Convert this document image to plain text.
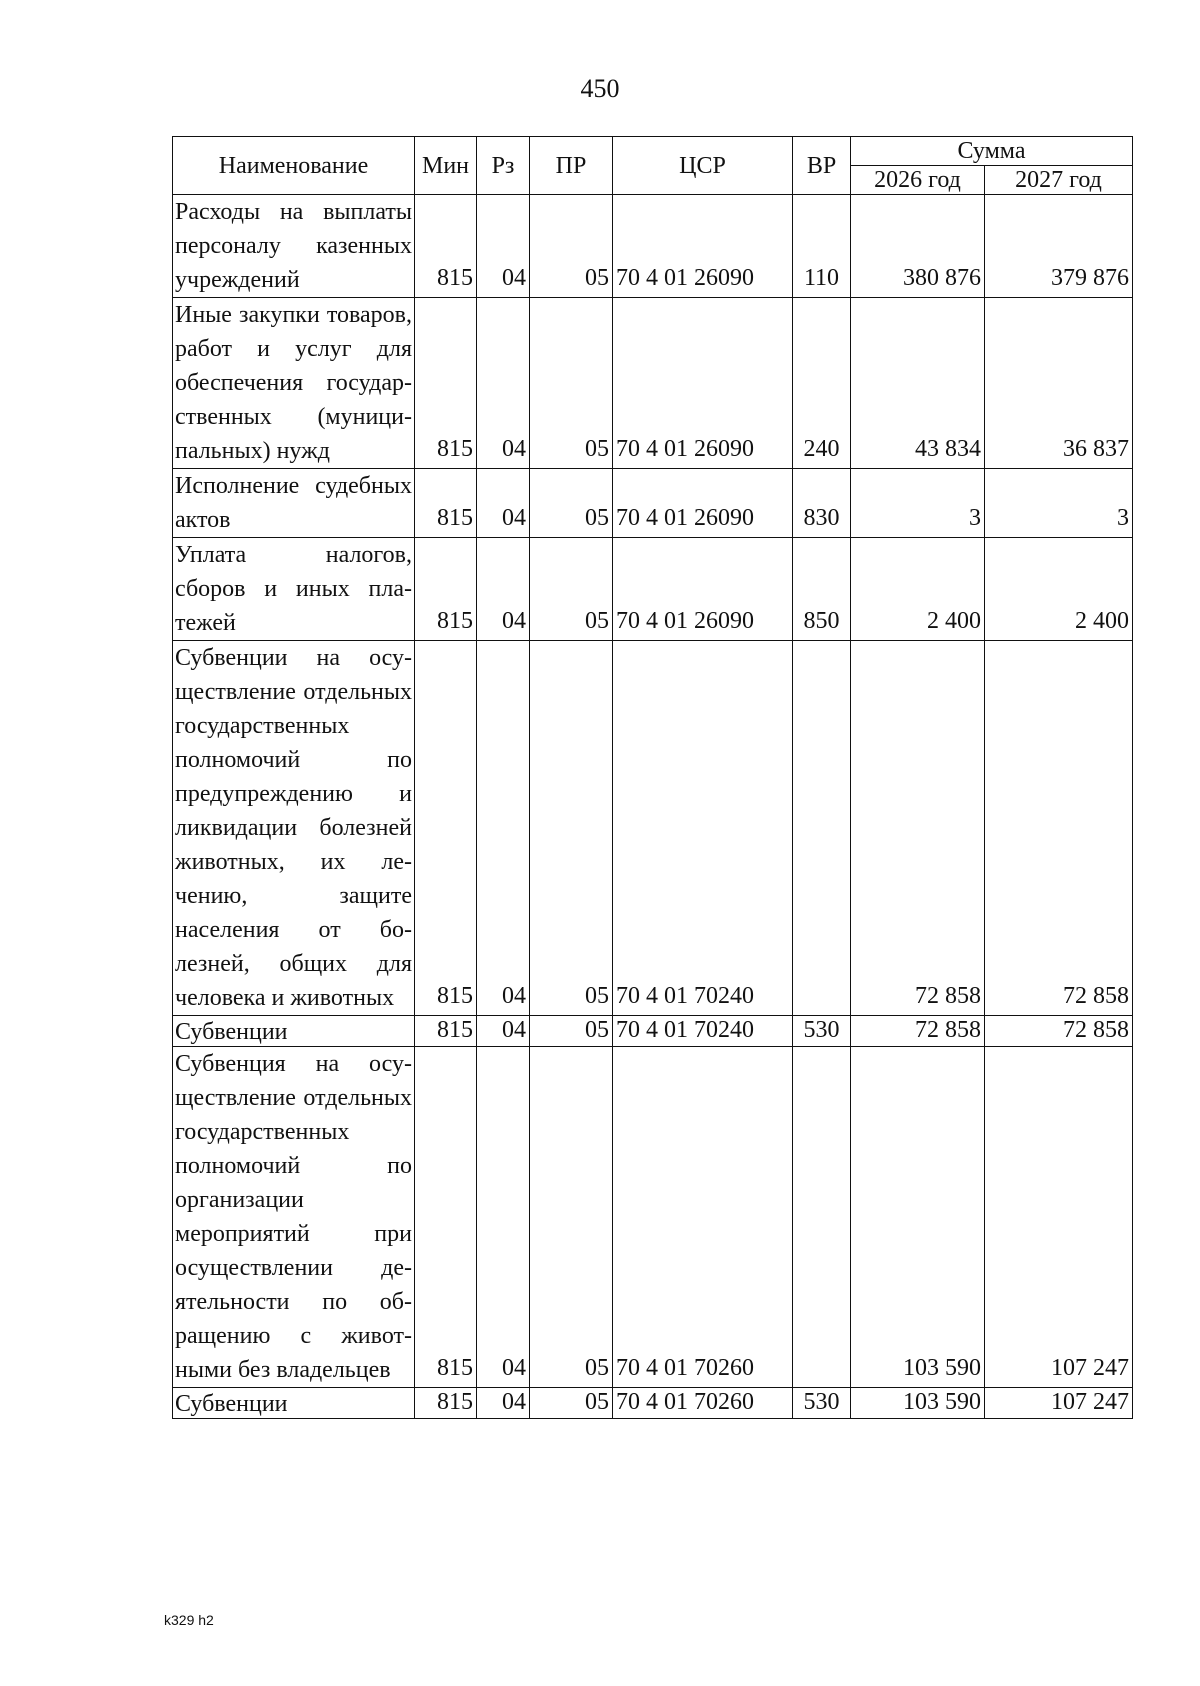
450
Наименование	Мин	Рз	ПР	ЦСР	ВР	Сумма	
						2026 год	2027 год
Расходы на выплаты персоналу казенных учреждений	815	04	05	70 4 01 26090	110	380 876	379 876
Иные закупки товаров, работ и услуг для обеспечения государственных (муниципальных) нужд	815	04	05	70 4 01 26090	240	43 834	36 837
Исполнение судебных актов	815	04	05	70 4 01 26090	830	3	3
Уплата налогов, сборов и иных платежей	815	04	05	70 4 01 26090	850	2 400	2 400
Субвенции на осуществление отдельных государственных полномочий по предупреждению и ликвидации болезней животных, их лечению, защите населения от болезней, общих для человека и животных	815	04	05	70 4 01 70240		72 858	72 858
Субвенции	815	04	05	70 4 01 70240	530	72 858	72 858
Субвенция на осуществление отдельных государственных полномочий по организации мероприятий при осуществлении деятельности по обращению с животными без владельцев	815	04	05	70 4 01 70260		103 590	107 247
Субвенции	815	04	05	70 4 01 70260	530	103 590	107 247
k329 h2
